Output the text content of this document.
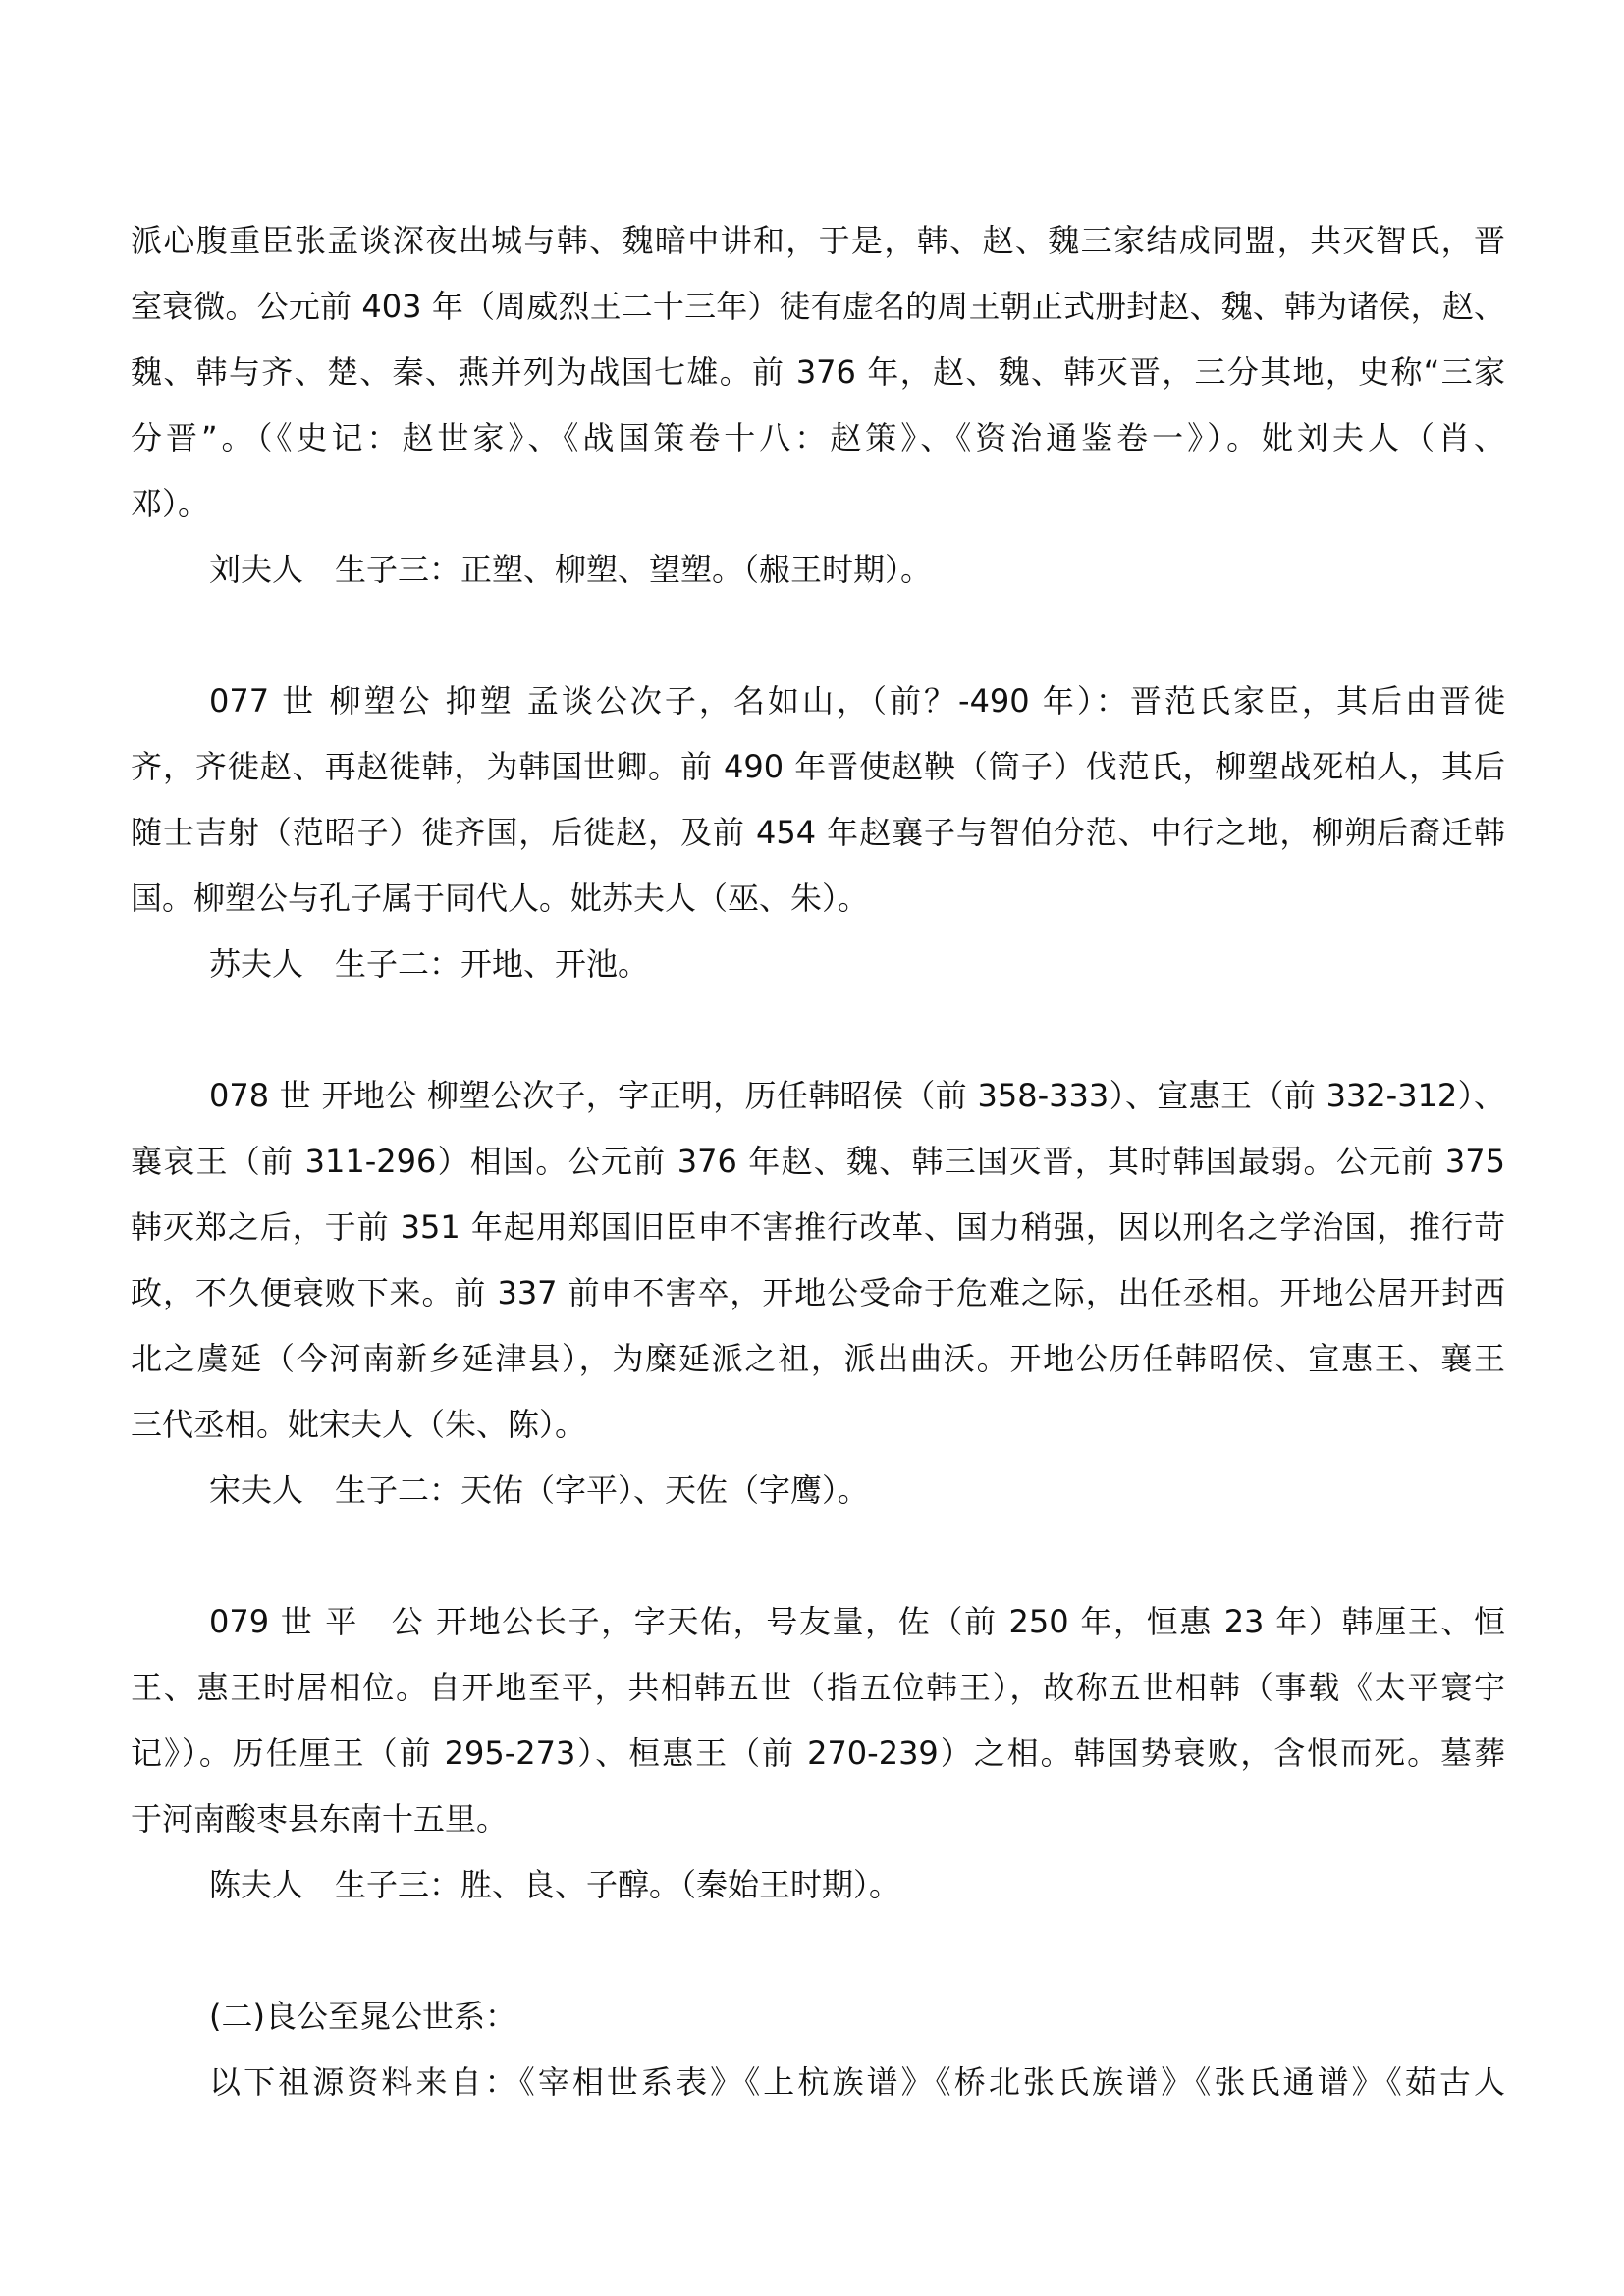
派心腹重臣张孟谈深夜出城与韩、魏暗中讲和，于是，韩、赵、魏三家结成同盟，共灭智氏，晋
室衰微。公元前 403 年（周威烈王二十三年）徒有虚名的周王朝正式册封赵、魏、韩为诸侯，赵、
魏、韩与齐、楚、秦、燕并列为战国七雄。前 376 年，赵、魏、韩灭晋，三分其地，史称“三家
分晋”。（《史记：赵世家》、《战国策卷十八：赵策》、《资治通鉴卷一》）。妣刘夫人（肖、
邓）。
刘夫人　生子三：正塑、柳塑、望塑。（赧王时期）。
077 世 柳塑公 抑塑 孟谈公次子，名如山，（前？-490 年）：晋范氏家臣，其后由晋徙
齐，齐徙赵、再赵徙韩，为韩国世卿。前 490 年晋使赵鞅（筒子）伐范氏，柳塑战死柏人，其后
随士吉射（范昭子）徙齐国，后徙赵，及前 454 年赵襄子与智伯分范、中行之地，柳朔后裔迁韩
国。柳塑公与孔子属于同代人。妣苏夫人（巫、朱）。
苏夫人　生子二：开地、开池。
078 世 开地公 柳塑公次子，字正明，历任韩昭侯（前 358-333）、宣惠王（前 332-312）、
襄哀王（前 311-296）相国。公元前 376 年赵、魏、韩三国灭晋，其时韩国最弱。公元前 375
韩灭郑之后，于前 351 年起用郑国旧臣申不害推行改革、国力稍强，因以刑名之学治国，推行苛
政，不久便衰败下来。前 337 前申不害卒，开地公受命于危难之际，出任丞相。开地公居开封西
北之虞延（今河南新乡延津县），为糜延派之祖，派出曲沃。开地公历任韩昭侯、宣惠王、襄王
三代丞相。妣宋夫人（朱、陈）。
宋夫人　生子二：天佑（字平）、天佐（字鹰）。
079 世 平　公 开地公长子，字天佑，号友量，佐（前 250 年，恒惠 23 年）韩厘王、恒
王、惠王时居相位。自开地至平，共相韩五世（指五位韩王），故称五世相韩（事载《太平寰宇
记》）。历任厘王（前 295-273）、桓惠王（前 270-239）之相。韩国势衰败，含恨而死。墓葬
于河南酸枣县东南十五里。
陈夫人　生子三：胜、良、子醇。（秦始王时期）。
(二)良公至晁公世系：
以下祖源资料来自：《宰相世系表》《上杭族谱》《桥北张氏族谱》《张氏通谱》《茹古人
